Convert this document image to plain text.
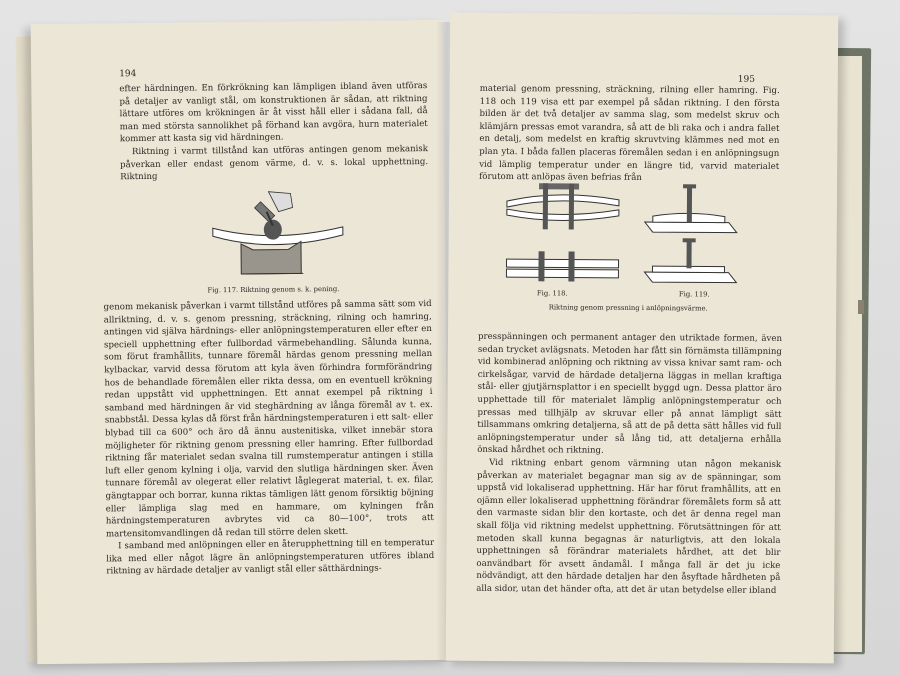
194

efter härdningen. En förkrökning kan lämpligen ibland även utföras på detaljer av vanligt stål, om konstruktionen är sådan, att riktning lättare utföres om krökningen är åt visst håll eller i sådana fall, då man med största sannolikhet på förhand kan avgöra, hurn materialet kommer att kasta sig vid härdningen.

Riktning i varmt tillstånd kan utföras antingen genom mekanisk påverkan eller endast genom värme, d. v. s. lokal upphettning. Riktning

Fig. 117. Riktning genom s. k. pening.

genom mekanisk påverkan i varmt tillstånd utföres på samma sätt som vid allriktning, d. v. s. genom pressning, sträckning, rilning och hamring, antingen vid själva härdnings- eller anlöpningstemperaturen eller efter en speciell upphettning efter fullbordad värmebehandling. Sålunda kunna, som förut framhållits, tunnare föremål härdas genom pressning mellan kylbackar, varvid dessa förutom att kyla även förhindra formförändring hos de behandlade föremålen eller rikta dessa, om en eventuell krökning redan uppstått vid upphettningen. Ett annat exempel på riktning i samband med härdningen är vid steghärdning av långa föremål av t. ex. snabbstål. Dessa kylas då först från härdningstemperaturen i ett salt- eller blybad till ca 600° och äro då ännu austenitiska, vilket innebär stora möjligheter för riktning genom pressning eller hamring. Efter fullbordad riktning får materialet sedan svalna till rumstemperatur antingen i stilla luft eller genom kylning i olja, varvid den slutliga härdningen sker. Även tunnare föremål av olegerat eller relativt låglegerat material, t. ex. filar, gängtappar och borrar, kunna riktas tämligen lätt genom försiktig böjning eller lämpliga slag med en hammare, om kylningen från härdningstemperaturen avbrytes vid ca 80—100°, trots att martensitomvandlingen då redan till större delen skett.

I samband med anlöpningen eller en återupphettning till en temperatur lika med eller något lägre än anlöpningstemperaturen utföres ibland riktning av härdade detaljer av vanligt stål eller sätthärdnings-

195

material genom pressning, sträckning, rilning eller hamring. Fig. 118 och 119 visa ett par exempel på sådan riktning. I den första bilden är det två detaljer av samma slag, som medelst skruv och klämjärn pressas emot varandra, så att de bli raka och i andra fallet en detalj, som medelst en kraftig skruvtving klämmes ned mot en plan yta. I båda fallen placeras föremålen sedan i en anlöpningsugn vid lämplig temperatur under en längre tid, varvid materialet förutom att anlöpas även befrias från

Fig. 118.	Fig. 119.
Riktning genom pressning i anlöpningsvärme.

presspänningen och permanent antager den utriktade formen, även sedan trycket avlägsnats. Metoden har fått sin förnämsta tillämpning vid kombinerad anlöpning och riktning av vissa knivar samt ram- och cirkelsågar, varvid de härdade detaljerna läggas in mellan kraftiga stål- eller gjutjärnsplattor i en speciellt byggd ugn. Dessa plattor äro upphettade till för materialet lämplig anlöpningstemperatur och pressas med tillhjälp av skruvar eller på annat lämpligt sätt tillsammans omkring detaljerna, så att de på detta sätt hålles vid full anlöpningstemperatur under så lång tid, att detaljerna erhålla önskad hårdhet och riktning.

Vid riktning enbart genom värmning utan någon mekanisk påverkan av materialet begagnar man sig av de spänningar, som uppstå vid lokaliserad upphettning. Här har förut framhållits, att en ojämn eller lokaliserad upphettning förändrar föremålets form så att den varmaste sidan blir den kortaste, och det är denna regel man skall följa vid riktning medelst upphettning. Förutsättningen för att metoden skall kunna begagnas är naturligtvis, att den lokala upphettningen så förändrar materialets hårdhet, att det blir oanvändbart för avsett ändamål. I många fall är det ju icke nödvändigt, att den härdade detaljen har den åsyftade hårdheten på alla sidor, utan det händer ofta, att det är utan betydelse eller ibland
